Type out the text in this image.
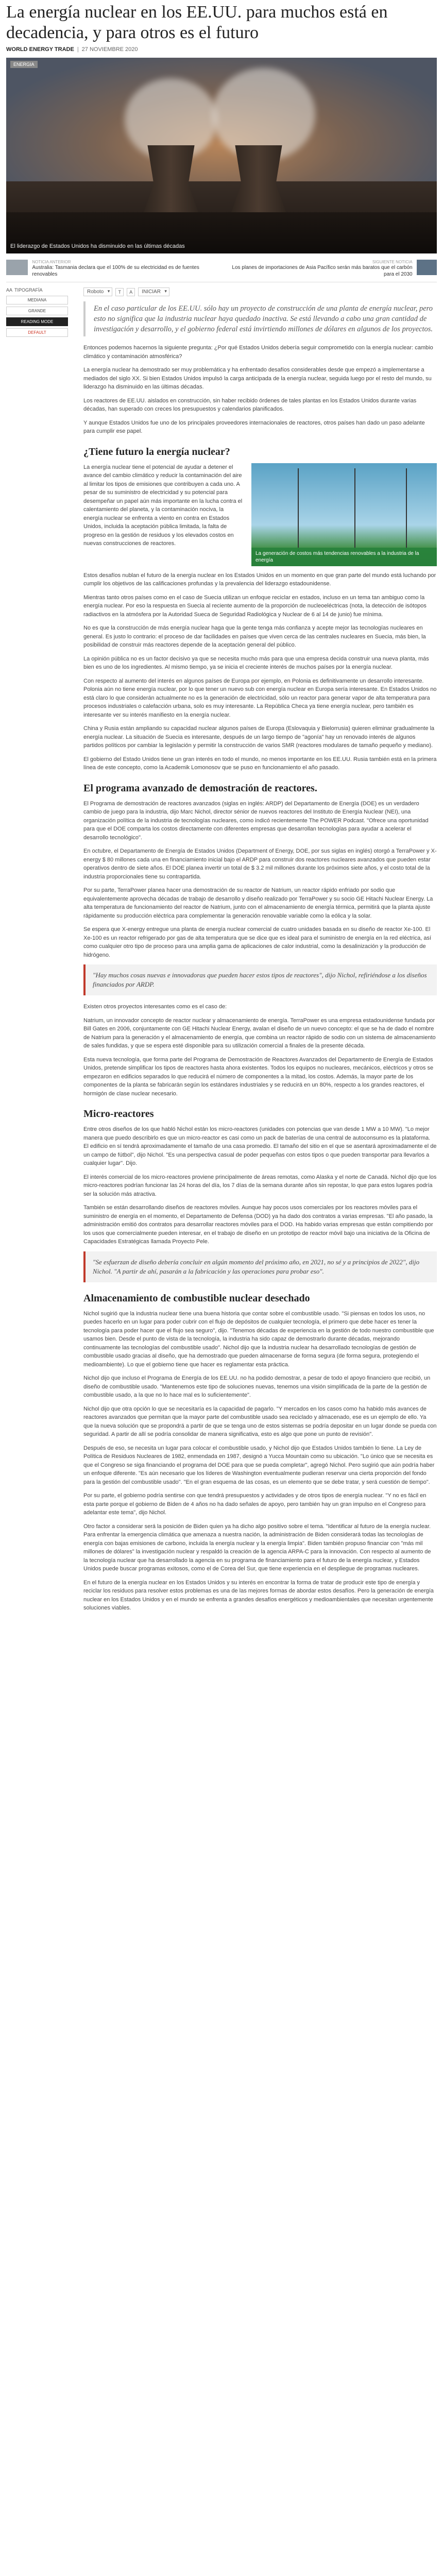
La energía nuclear en los EE.UU. para muchos está en decadencia, y para otros es el futuro
WORLD ENERGY TRADE | 27 NOVIEMBRE 2020
ENERGIA
El liderazgo de Estados Unidos ha disminuido en las últimas décadas
NOTICIA ANTERIOR
Australia: Tasmania declara que el 100% de su electricidad es de fuentes renovables
SIGUIENTE NOTICIA
Los planes de importaciones de Asia Pacífico serán más baratos que el carbón para el 2030
AA TIPOGRAFÍA
MEDIANA
GRANDE
READING MODE
DEFAULT
Roboto ▾	T	A	INICIAR ▾
En el caso particular de los EE.UU. sólo hay un proyecto de construcción de una planta de energía nuclear, pero esto no significa que la industria nuclear haya quedado inactiva. Se está llevando a cabo una gran cantidad de investigación y desarrollo, y el gobierno federal está invirtiendo millones de dólares en algunos de los proyectos.

Entonces podemos hacernos la siguiente pregunta: ¿Por qué Estados Unidos debería seguir comprometido con la energía nuclear: cambio climático y contaminación atmosférica?

La energía nuclear ha demostrado ser muy problemática y ha enfrentado desafíos considerables desde que empezó a implementarse a mediados del siglo XX. Si bien Estados Unidos impulsó la carga anticipada de la energía nuclear, seguida luego por el resto del mundo, su liderazgo ha disminuido en las últimas décadas.

Los reactores de EE.UU. aislados en construcción, sin haber recibido órdenes de tales plantas en los Estados Unidos durante varias décadas, han superado con creces los presupuestos y calendarios planificados.

Y aunque Estados Unidos fue uno de los principales proveedores internacionales de reactores, otros países han dado un paso adelante para cumplir ese papel.

¿Tiene futuro la energía nuclear?

La energía nuclear tiene el potencial de ayudar a detener el avance del cambio climático y reducir la contaminación del aire al limitar los tipos de emisiones que contribuyen a cada uno. A pesar de su suministro de electricidad y su potencial para desempeñar un papel aún más importante en la lucha contra el calentamiento del planeta, y la contaminación nociva, la energía nuclear se enfrenta a viento en contra en Estados Unidos, incluida la aceptación pública limitada, la falta de progreso en la gestión de residuos y los elevados costos en nuevas construcciones de reactores.

La generación de costos más tendencias renovables a la industria de la energía

Estos desafíos nublan el futuro de la energía nuclear en los Estados Unidos en un momento en que gran parte del mundo está luchando por cumplir los objetivos de las calificaciones profundas y la prevalencia del liderazgo estadounidense.

Mientras tanto otros países como en el caso de Suecia utilizan un enfoque reciclar en estados, incluso en un tema tan ambiguo como la energía nuclear. Por eso la respuesta en Suecia al reciente aumento de la proporción de nucleoeléctricas (nota, la detección de isótopos radiactivos en la atmósfera por la Autoridad Sueca de Seguridad Radiológica y Nuclear de 6 al 14 de junio) fue mínima.

No es que la construcción de más energía nuclear haga que la gente tenga más confianza y acepte mejor las tecnologías nucleares en general. Es justo lo contrario: el proceso de dar facilidades en países que viven cerca de las centrales nucleares en Suecia, más bien, la posibilidad de construir más reactores depende de la aceptación general del público.

La opinión pública no es un factor decisivo ya que se necesita mucho más para que una empresa decida construir una nueva planta, más bien es uno de los ingredientes. Al mismo tiempo, ya se inicia el creciente interés de muchos países por la energía nuclear.

Con respecto al aumento del interés en algunos países de Europa por ejemplo, en Polonia es definitivamente un desarrollo interesante. Polonia aún no tiene energía nuclear, por lo que tener un nuevo sub con energía nuclear en Europa sería interesante. En Estados Unidos no está claro lo que considerán actualmente no es la generación de electricidad, sólo un reactor para generar vapor de alta temperatura para procesos industriales o calefacción urbana, solo es muy interesante. La República Checa ya tiene energía nuclear, pero también es interesante ver su interés manifiesto en la energía nuclear.

China y Rusia están ampliando su capacidad nuclear algunos países de Europa (Eslovaquia y Bielorrusia) quieren eliminar gradualmente la energía nuclear. La situación de Suecia es interesante, después de un largo tiempo de "agonía" hay un renovado interés de algunos partidos políticos por cambiar la legislación y permitir la construcción de varios SMR (reactores modulares de tamaño pequeño y mediano).

El gobierno del Estado Unidos tiene un gran interés en todo el mundo, no menos importante en los EE.UU. Rusia también está en la primera línea de este concepto, como la Academik Lomonosov que se puso en funcionamiento el año pasado.

El programa avanzado de demostración de reactores.

El Programa de demostración de reactores avanzados (siglas en inglés: ARDP) del Departamento de Energía (DOE) es un verdadero cambio de juego para la industria, dijo Marc Nichol, director sénior de nuevos reactores del Instituto de Energía Nuclear (NEI), una organización política de la industria de tecnologías nucleares, como indicó recientemente The POWER Podcast. "Ofrece una oportunidad para que el DOE comparta los costos directamente con diferentes empresas que desarrollan tecnologías para ayudar a acelerar el desarrollo tecnológico".

En octubre, el Departamento de Energía de Estados Unidos (Department of Energy, DOE, por sus siglas en inglés) otorgó a TerraPower y X-energy $ 80 millones cada una en financiamiento inicial bajo el ARDP para construir dos reactores nucleares avanzados que pueden estar operativos dentro de siete años. El DOE planea invertir un total de $ 3.2 mil millones durante los próximos siete años, y el costo total de la industria proporcionales tiene su contrapartida.

Por su parte, TerraPower planea hacer una demostración de su reactor de Natrium, un reactor rápido enfriado por sodio que equivalentemente aprovecha décadas de trabajo de desarrollo y diseño realizado por TerraPower y su socio GE Hitachi Nuclear Energy. La alta temperatura de funcionamiento del reactor de Natrium, junto con el almacenamiento de energía térmica, permitirá que la planta ajuste rápidamente su producción eléctrica para complementar la generación renovable variable como la eólica y la solar.

Se espera que X-energy entregue una planta de energía nuclear comercial de cuatro unidades basada en su diseño de reactor Xe-100. El Xe-100 es un reactor refrigerado por gas de alta temperatura que se dice que es ideal para el suministro de energía en la red eléctrica, así como cualquier otro tipo de proceso para una amplia gama de aplicaciones de calor industrial, como la desalinización y la producción de hidrógeno.

"Hay muchos cosas nuevas e innovadoras que pueden hacer estos tipos de reactores", dijo Nichol, refiriéndose a los diseños financiados por ARDP.

Existen otros proyectos interesantes como es el caso de:

Natrium, un innovador concepto de reactor nuclear y almacenamiento de energía. TerraPower es una empresa estadounidense fundada por Bill Gates en 2006, conjuntamente con GE Hitachi Nuclear Energy, avalan el diseño de un nuevo concepto: el que se ha de dado el nombre de Natrium para la generación y el almacenamiento de energía, que combina un reactor rápido de sodio con un sistema de almacenamiento de sales fundidas, y que se espera esté disponible para su utilización comercial a finales de la presente década.

Esta nueva tecnología, que forma parte del Programa de Demostración de Reactores Avanzados del Departamento de Energía de Estados Unidos, pretende simplificar los tipos de reactores hasta ahora existentes. Todos los equipos no nucleares, mecánicos, eléctricos y otros se empezaron en edificios separados lo que reducirá el número de componentes a la mitad, los costos. Además, la mayor parte de los componentes de la planta se fabricarán según los estándares industriales y se reducirá en un 80%, respecto a los grandes reactores, el hormigón de clase nuclear necesario.

Micro-reactores

Entre otros diseños de los que habló Nichol están los micro-reactores (unidades con potencias que van desde 1 MW a 10 MW). "Lo mejor manera que puedo describirlo es que un micro-reactor es casi como un pack de baterías de una central de autoconsumo es la plataforma. El edificio en sí tendrá aproximadamente el tamaño de una casa promedio. El tamaño del sitio en el que se asentará aproximadamente el de un campo de fútbol", dijo Nichol. "Es una perspectiva casual de poder pequeñas con estos tipos o que pueden transportar para llevarlos a cualquier lugar". Dijo.

El interés comercial de los micro-reactores proviene principalmente de áreas remotas, como Alaska y el norte de Canadá. Nichol dijo que los micro-reactores podrían funcionar las 24 horas del día, los 7 días de la semana durante años sin repostar, lo que para estos lugares podría ser la solución más atractiva.

También se están desarrollando diseños de reactores móviles. Aunque hay pocos usos comerciales por los reactores móviles para el suministro de energía en el momento, el Departamento de Defensa (DOD) ya ha dado dos contratos a varias empresas. "El año pasado, la administración emitió dos contratos para desarrollar reactores móviles para el DOD. Ha habido varias empresas que están compitiendo por los usos que comercialmente pueden interesar, en el trabajo de diseño en un prototipo de reactor móvil bajo una iniciativa de la Oficina de Capacidades Estratégicas llamada Proyecto Pele.

"Se esfuerzan de diseño debería concluir en algún momento del próximo año, en 2021, no sé y a principios de 2022", dijo Nichol. "A partir de ahí, pasarán a la fabricación y las operaciones para probar eso".
Almacenamiento de combustible nuclear desechado

Nichol sugirió que la industria nuclear tiene una buena historia que contar sobre el combustible usado. "Si piensas en todos los usos, no puedes hacerlo en un lugar para poder cubrir con el flujo de depósitos de cualquier tecnología, el primero que debe hacer es tener la tecnología para poder hacer que el flujo sea seguro", dijo. "Tenemos décadas de experiencia en la gestión de todo nuestro combustible que usamos bien. Desde el punto de vista de la tecnología, la industria ha sido capaz de demostrarlo durante décadas, mejorando continuamente las tecnologías del combustible usado". Nichol dijo que la industria nuclear ha desarrollado tecnologías de gestión de combustible usado gracias al diseño, que ha demostrado que pueden almacenarse de forma segura (de forma segura, protegiendo el medioambiente). Lo que el gobierno tiene que hacer es reglamentar esta práctica.

Nichol dijo que incluso el Programa de Energía de los EE.UU. no ha podido demostrar, a pesar de todo el apoyo financiero que recibió, un diseño de combustible usado. "Mantenemos este tipo de soluciones nuevas, tenemos una visión simplificada de la parte de la gestión de combustible usado, a la que no lo hace mal es lo suficientemente".

Nichol dijo que otra opción lo que se necesitaría es la capacidad de pagarlo. "Y mercados en los casos como ha habido más avances de reactores avanzados que permitan que la mayor parte del combustible usado sea reciclado y almacenado, ese es un ejemplo de ello. Ya que la nueva solución que se propondrá a partir de que se tenga uno de estos sistemas se podría depositar en un lugar donde se pueda con seguridad. A partir de allí se podría consolidar de manera significativa, esto es algo que pone un punto de revisión".

Después de eso, se necesita un lugar para colocar el combustible usado, y Nichol dijo que Estados Unidos también lo tiene. La Ley de Política de Residuos Nucleares de 1982, enmendada en 1987, designó a Yucca Mountain como su ubicación. "Lo único que se necesita es que el Congreso se siga financiando el programa del DOE para que se pueda completar", agregó Nichol. Pero sugirió que aún podría haber un enfoque diferente. "Es aún necesario que los líderes de Washington eventualmente pudieran reservar una cierta proporción del fondo para la gestión del combustible usado". "En el gran esquema de las cosas, es un elemento que se debe tratar, y será cuestión de tiempo".

Por su parte, el gobierno podría sentirse con que tendrá presupuestos y actividades y de otros tipos de energía nuclear. "Y no es fácil en esta parte porque el gobierno de Biden de 4 años no ha dado señales de apoyo, pero también hay un gran impulso en el Congreso para adelantar este tema", dijo Nichol.

Otro factor a considerar será la posición de Biden quien ya ha dicho algo positivo sobre el tema. "Identificar al futuro de la energía nuclear. Para enfrentar la emergencia climática que amenaza a nuestra nación, la administración de Biden considerará todas las tecnologías de energía con bajas emisiones de carbono, incluida la energía nuclear y la energía limpia". Biden también propuso financiar con "más mil millones de dólares" la investigación nuclear y respaldó la creación de la agencia ARPA-C para la innovación. Con respecto al aumento de la tecnología nuclear que ha desarrollado la agencia en su programa de financiamiento para el futuro de la energía nuclear, y Estados Unidos puede buscar programas exitosos, como el de Corea del Sur, que tiene experiencia en el despliegue de programas nucleares.

En el futuro de la energía nuclear en los Estados Unidos y su interés en encontrar la forma de tratar de producir este tipo de energía y reciclar los residuos para resolver estos problemas es una de las mejores formas de abordar estos desafíos. Pero la generación de energía nuclear en los Estados Unidos y en el mundo se enfrenta a grandes desafíos energéticos y medioambientales que necesitan urgentemente soluciones viables.
